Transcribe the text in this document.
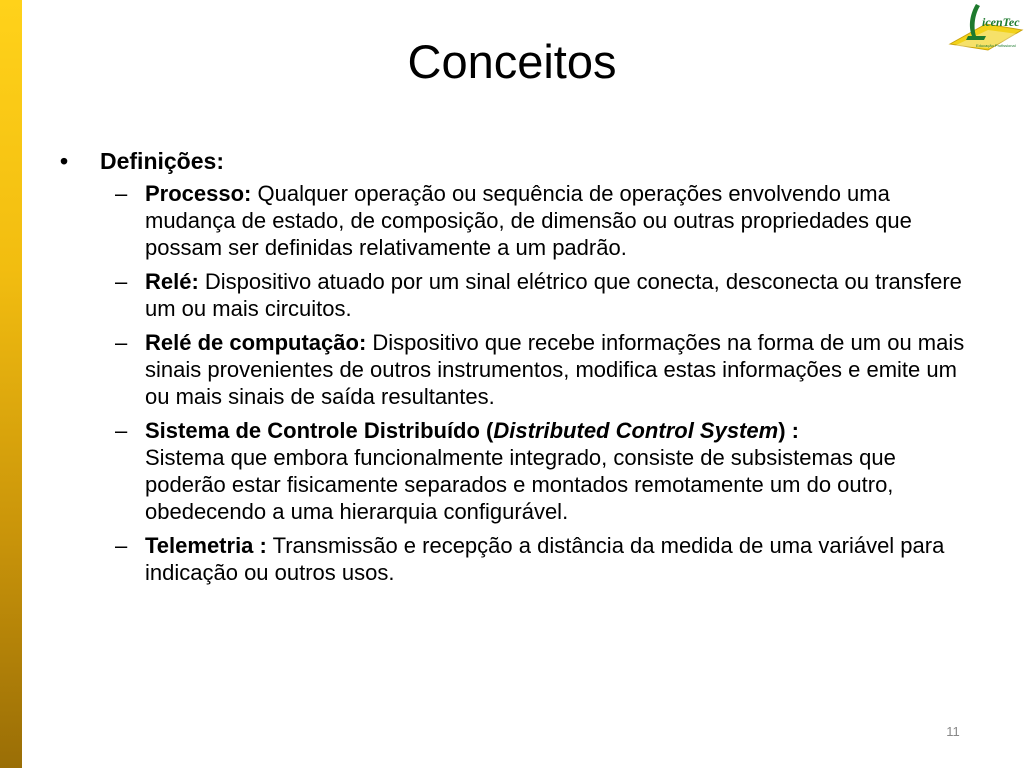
Conceitos
icenTec
Educação Profissional
• Definições:
– Processo: Qualquer operação ou sequência de operações envolvendo uma mudança de estado, de composição, de dimensão ou outras propriedades que possam ser definidas relativamente a um padrão.
– Relé: Dispositivo atuado por um sinal elétrico que conecta, desconecta ou transfere um ou mais circuitos.
– Relé de computação: Dispositivo que recebe informações na forma de um ou mais sinais provenientes de outros instrumentos, modifica estas informações e emite um ou mais sinais de saída resultantes.
– Sistema de Controle Distribuído (Distributed Control System) :
Sistema que embora funcionalmente integrado, consiste de subsistemas que poderão estar fisicamente separados e montados remotamente um do outro, obedecendo a uma hierarquia configurável.
– Telemetria : Transmissão e recepção a distância da medida de uma variável para indicação ou outros usos.
11
